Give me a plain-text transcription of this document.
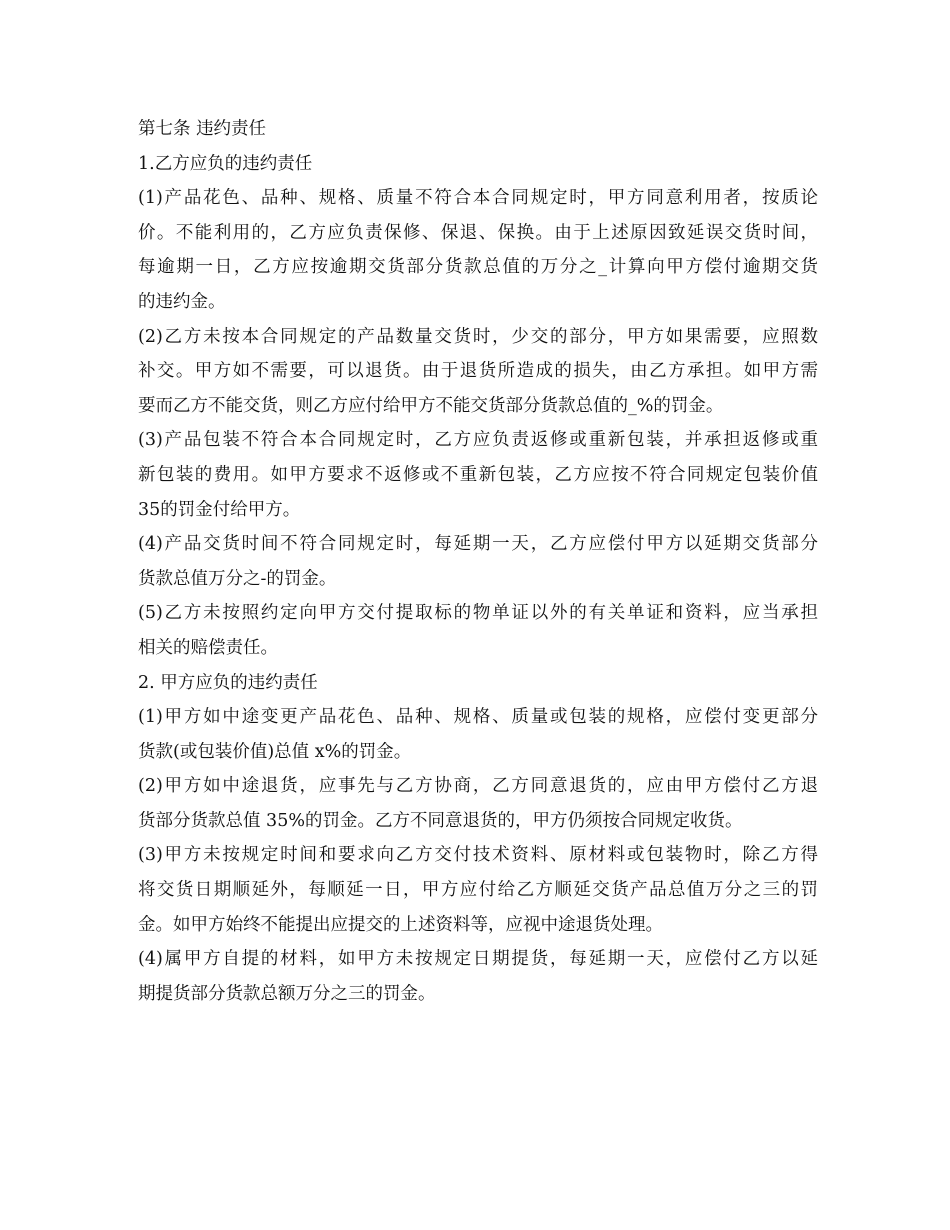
第七条 违约责任
1.乙方应负的违约责任
(1)产品花色、品种、规格、质量不符合本合同规定时，甲方同意利用者，按质论
价。不能利用的，乙方应负责保修、保退、保换。由于上述原因致延误交货时间，
每逾期一日，乙方应按逾期交货部分货款总值的万分之_计算向甲方偿付逾期交货
的违约金。
(2)乙方未按本合同规定的产品数量交货时，少交的部分，甲方如果需要，应照数
补交。甲方如不需要，可以退货。由于退货所造成的损失，由乙方承担。如甲方需
要而乙方不能交货，则乙方应付给甲方不能交货部分货款总值的_%的罚金。
(3)产品包装不符合本合同规定时，乙方应负责返修或重新包装，并承担返修或重
新包装的费用。如甲方要求不返修或不重新包装，乙方应按不符合同规定包装价值
35的罚金付给甲方。
(4)产品交货时间不符合同规定时，每延期一天，乙方应偿付甲方以延期交货部分
货款总值万分之-的罚金。
(5)乙方未按照约定向甲方交付提取标的物单证以外的有关单证和资料，应当承担
相关的赔偿责任。
2. 甲方应负的违约责任
(1)甲方如中途变更产品花色、品种、规格、质量或包装的规格，应偿付变更部分
货款(或包装价值)总值 x%的罚金。
(2)甲方如中途退货，应事先与乙方协商，乙方同意退货的，应由甲方偿付乙方退
货部分货款总值 35%的罚金。乙方不同意退货的，甲方仍须按合同规定收货。
(3)甲方未按规定时间和要求向乙方交付技术资料、原材料或包装物时，除乙方得
将交货日期顺延外，每顺延一日，甲方应付给乙方顺延交货产品总值万分之三的罚
金。如甲方始终不能提出应提交的上述资料等，应视中途退货处理。
(4)属甲方自提的材料，如甲方未按规定日期提货，每延期一天，应偿付乙方以延
期提货部分货款总额万分之三的罚金。
